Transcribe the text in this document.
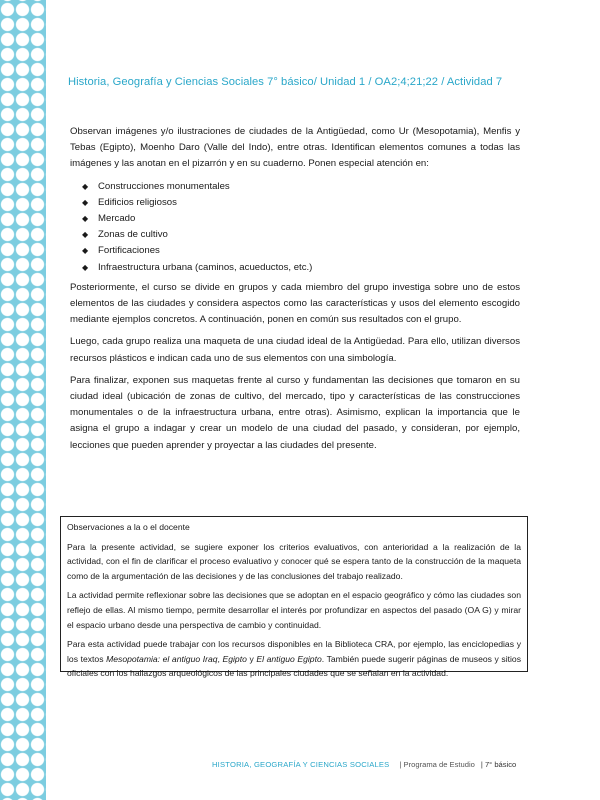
Historia, Geografía y Ciencias Sociales 7° básico/ Unidad 1 / OA2;4;21;22 / Actividad 7

Observan imágenes y/o ilustraciones de ciudades de la Antigüedad, como Ur (Mesopotamia), Menfis y Tebas (Egipto), Moenho Daro (Valle del Indo), entre otras. Identifican elementos comunes a todas las imágenes y las anotan en el pizarrón y en su cuaderno. Ponen especial atención en:

◆ Construcciones monumentales
◆ Edificios religiosos
◆ Mercado
◆ Zonas de cultivo
◆ Fortificaciones
◆ Infraestructura urbana (caminos, acueductos, etc.)

Posteriormente, el curso se divide en grupos y cada miembro del grupo investiga sobre uno de estos elementos de las ciudades y considera aspectos como las características y usos del elemento escogido mediante ejemplos concretos. A continuación, ponen en común sus resultados con el grupo.

Luego, cada grupo realiza una maqueta de una ciudad ideal de la Antigüedad. Para ello, utilizan diversos recursos plásticos e indican cada uno de sus elementos con una simbología.

Para finalizar, exponen sus maquetas frente al curso y fundamentan las decisiones que tomaron en su ciudad ideal (ubicación de zonas de cultivo, del mercado, tipo y características de las construcciones monumentales o de la infraestructura urbana, entre otras). Asimismo, explican la importancia que le asigna el grupo a indagar y crear un modelo de una ciudad del pasado, y consideran, por ejemplo, lecciones que pueden aprender y proyectar a las ciudades del presente.

Observaciones a la o el docente

Para la presente actividad, se sugiere exponer los criterios evaluativos, con anterioridad a la realización de la actividad, con el fin de clarificar el proceso evaluativo y conocer qué se espera tanto de la construcción de la maqueta como de la argumentación de las decisiones y de las conclusiones del trabajo realizado.

La actividad permite reflexionar sobre las decisiones que se adoptan en el espacio geográfico y cómo las ciudades son reflejo de ellas. Al mismo tiempo, permite desarrollar el interés por profundizar en aspectos del pasado (OA G) y mirar el espacio urbano desde una perspectiva de cambio y continuidad.

Para esta actividad puede trabajar con los recursos disponibles en la Biblioteca CRA, por ejemplo, las enciclopedias y los textos Mesopotamia: el antiguo Iraq, Egipto y El antiguo Egipto. También puede sugerir páginas de museos y sitios oficiales con los hallazgos arqueológicos de las principales ciudades que se señalan en la actividad.

HISTORIA, GEOGRAFÍA Y CIENCIAS SOCIALES | Programa de Estudio | 7° básico
